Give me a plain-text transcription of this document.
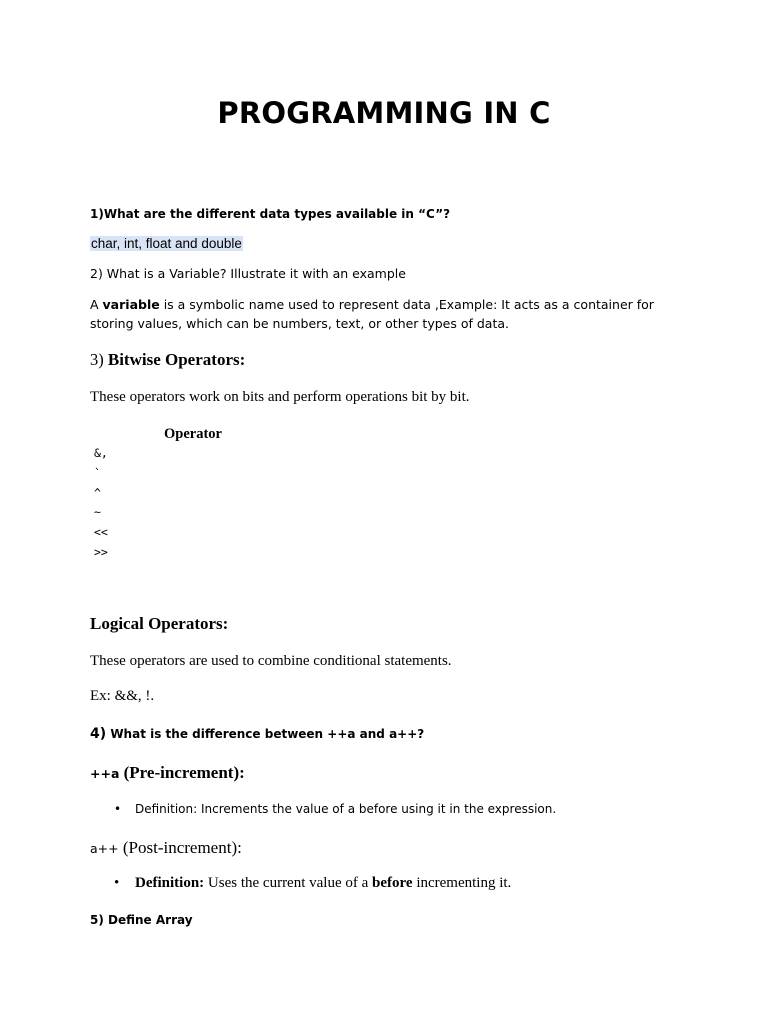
PROGRAMMING IN C
1)What are the different data types available in “C”?
char, int, float and double
2) What is a Variable? Illustrate it with an example
A variable is a symbolic name used to represent data ,Example: It acts as a container for storing values, which can be numbers, text, or other types of data.
3) Bitwise Operators:
These operators work on bits and perform operations bit by bit.
Operator
&,
`
^
~
<<
>>
Logical Operators:
These operators are used to combine conditional statements.
Ex: &&, !.
4) What is the difference between ++a and a++?
++a (Pre-increment):
• Definition: Increments the value of a before using it in the expression.
a++ (Post-increment):
• Definition: Uses the current value of a before incrementing it.
5) Define Array
